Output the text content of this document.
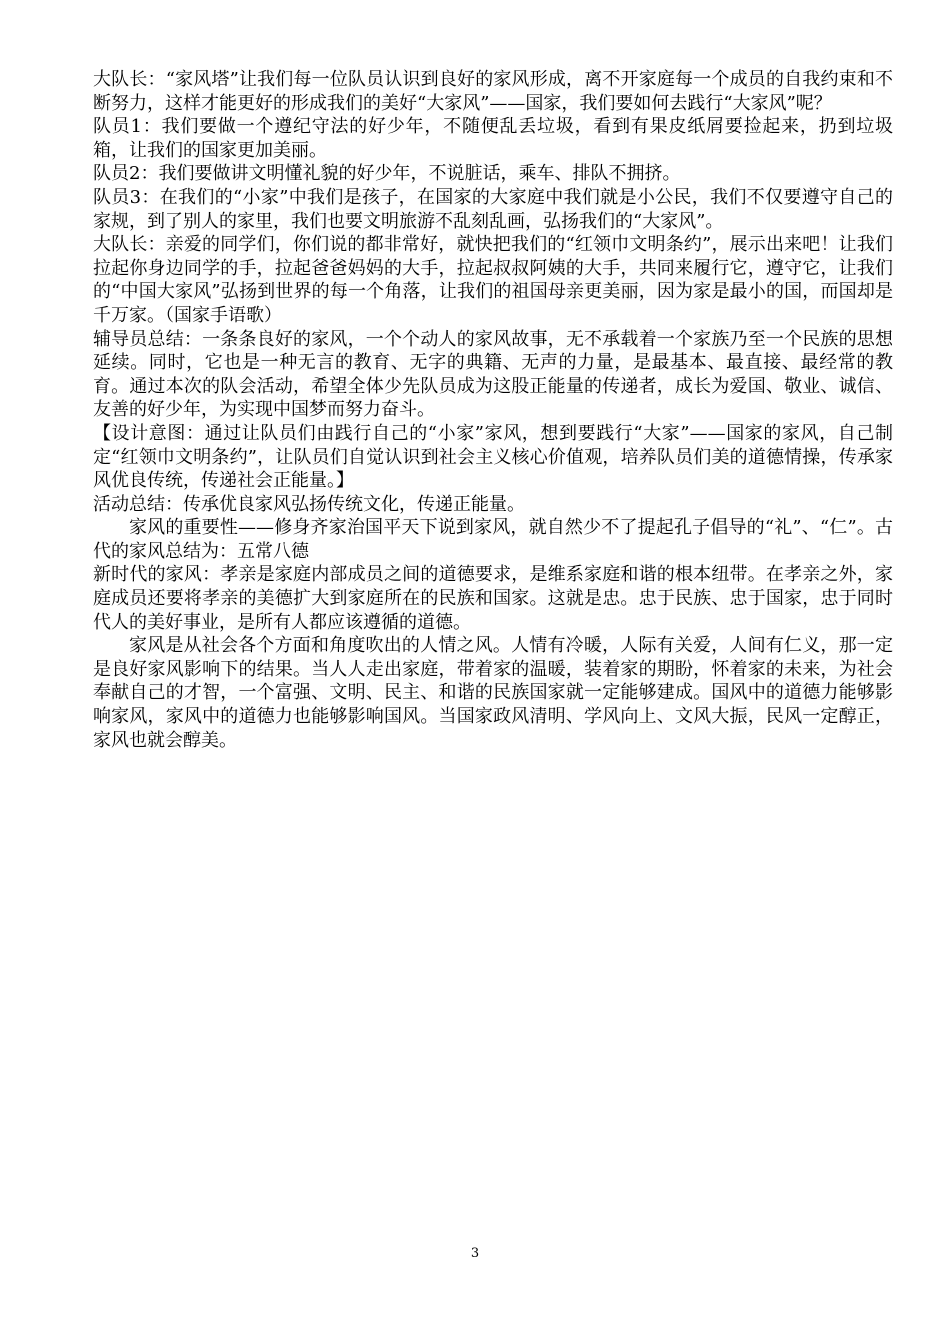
大队长：“家风塔”让我们每一位队员认识到良好的家风形成，离不开家庭每一个成员的自我约束和不断努力，这样才能更好的形成我们的美好“大家风”——国家，我们要如何去践行“大家风”呢？

队员1：我们要做一个遵纪守法的好少年，不随便乱丢垃圾，看到有果皮纸屑要捡起来，扔到垃圾箱，让我们的国家更加美丽。

队员2：我们要做讲文明懂礼貌的好少年，不说脏话，乘车、排队不拥挤。

队员3：在我们的“小家”中我们是孩子，在国家的大家庭中我们就是小公民，我们不仅要遵守自己的家规，到了别人的家里，我们也要文明旅游不乱刻乱画，弘扬我们的“大家风”。

大队长：亲爱的同学们，你们说的都非常好，就快把我们的“红领巾文明条约”，展示出来吧！让我们拉起你身边同学的手，拉起爸爸妈妈的大手，拉起叔叔阿姨的大手，共同来履行它，遵守它，让我们的“中国大家风”弘扬到世界的每一个角落，让我们的祖国母亲更美丽，因为家是最小的国，而国却是千万家。（国家手语歌）

辅导员总结：一条条良好的家风，一个个动人的家风故事，无不承载着一个家族乃至一个民族的思想延续。同时，它也是一种无言的教育、无字的典籍、无声的力量，是最基本、最直接、最经常的教育。通过本次的队会活动，希望全体少先队员成为这股正能量的传递者，成长为爱国、敬业、诚信、友善的好少年，为实现中国梦而努力奋斗。

【设计意图：通过让队员们由践行自己的“小家”家风，想到要践行“大家”——国家的家风，自己制定“红领巾文明条约”，让队员们自觉认识到社会主义核心价值观，培养队员们美的道德情操，传承家风优良传统，传递社会正能量。】

活动总结：传承优良家风弘扬传统文化，传递正能量。

家风的重要性——修身齐家治国平天下说到家风，就自然少不了提起孔子倡导的“礼”、“仁”。古代的家风总结为：五常八德

新时代的家风：孝亲是家庭内部成员之间的道德要求，是维系家庭和谐的根本纽带。在孝亲之外，家庭成员还要将孝亲的美德扩大到家庭所在的民族和国家。这就是忠。忠于民族、忠于国家，忠于同时代人的美好事业，是所有人都应该遵循的道德。

家风是从社会各个方面和角度吹出的人情之风。人情有冷暖，人际有关爱，人间有仁义，那一定是良好家风影响下的结果。当人人走出家庭，带着家的温暖，装着家的期盼，怀着家的未来，为社会奉献自己的才智，一个富强、文明、民主、和谐的民族国家就一定能够建成。国风中的道德力能够影响家风，家风中的道德力也能够影响国风。当国家政风清明、学风向上、文风大振，民风一定醇正，家风也就会醇美。

3
